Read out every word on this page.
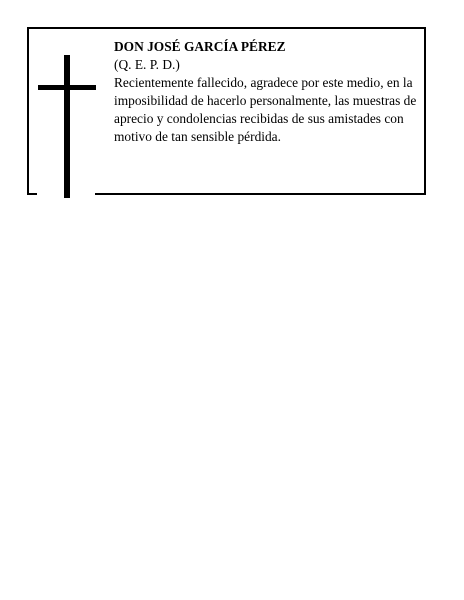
DON JOSÉ GARCÍA PÉREZ
(Q. E. P. D.)
Recientemente fallecido, agradece por este medio, en la imposibilidad de hacerlo personalmente, las muestras de aprecio y condolencias recibidas de sus amistades con motivo de tan sensible pérdida.
